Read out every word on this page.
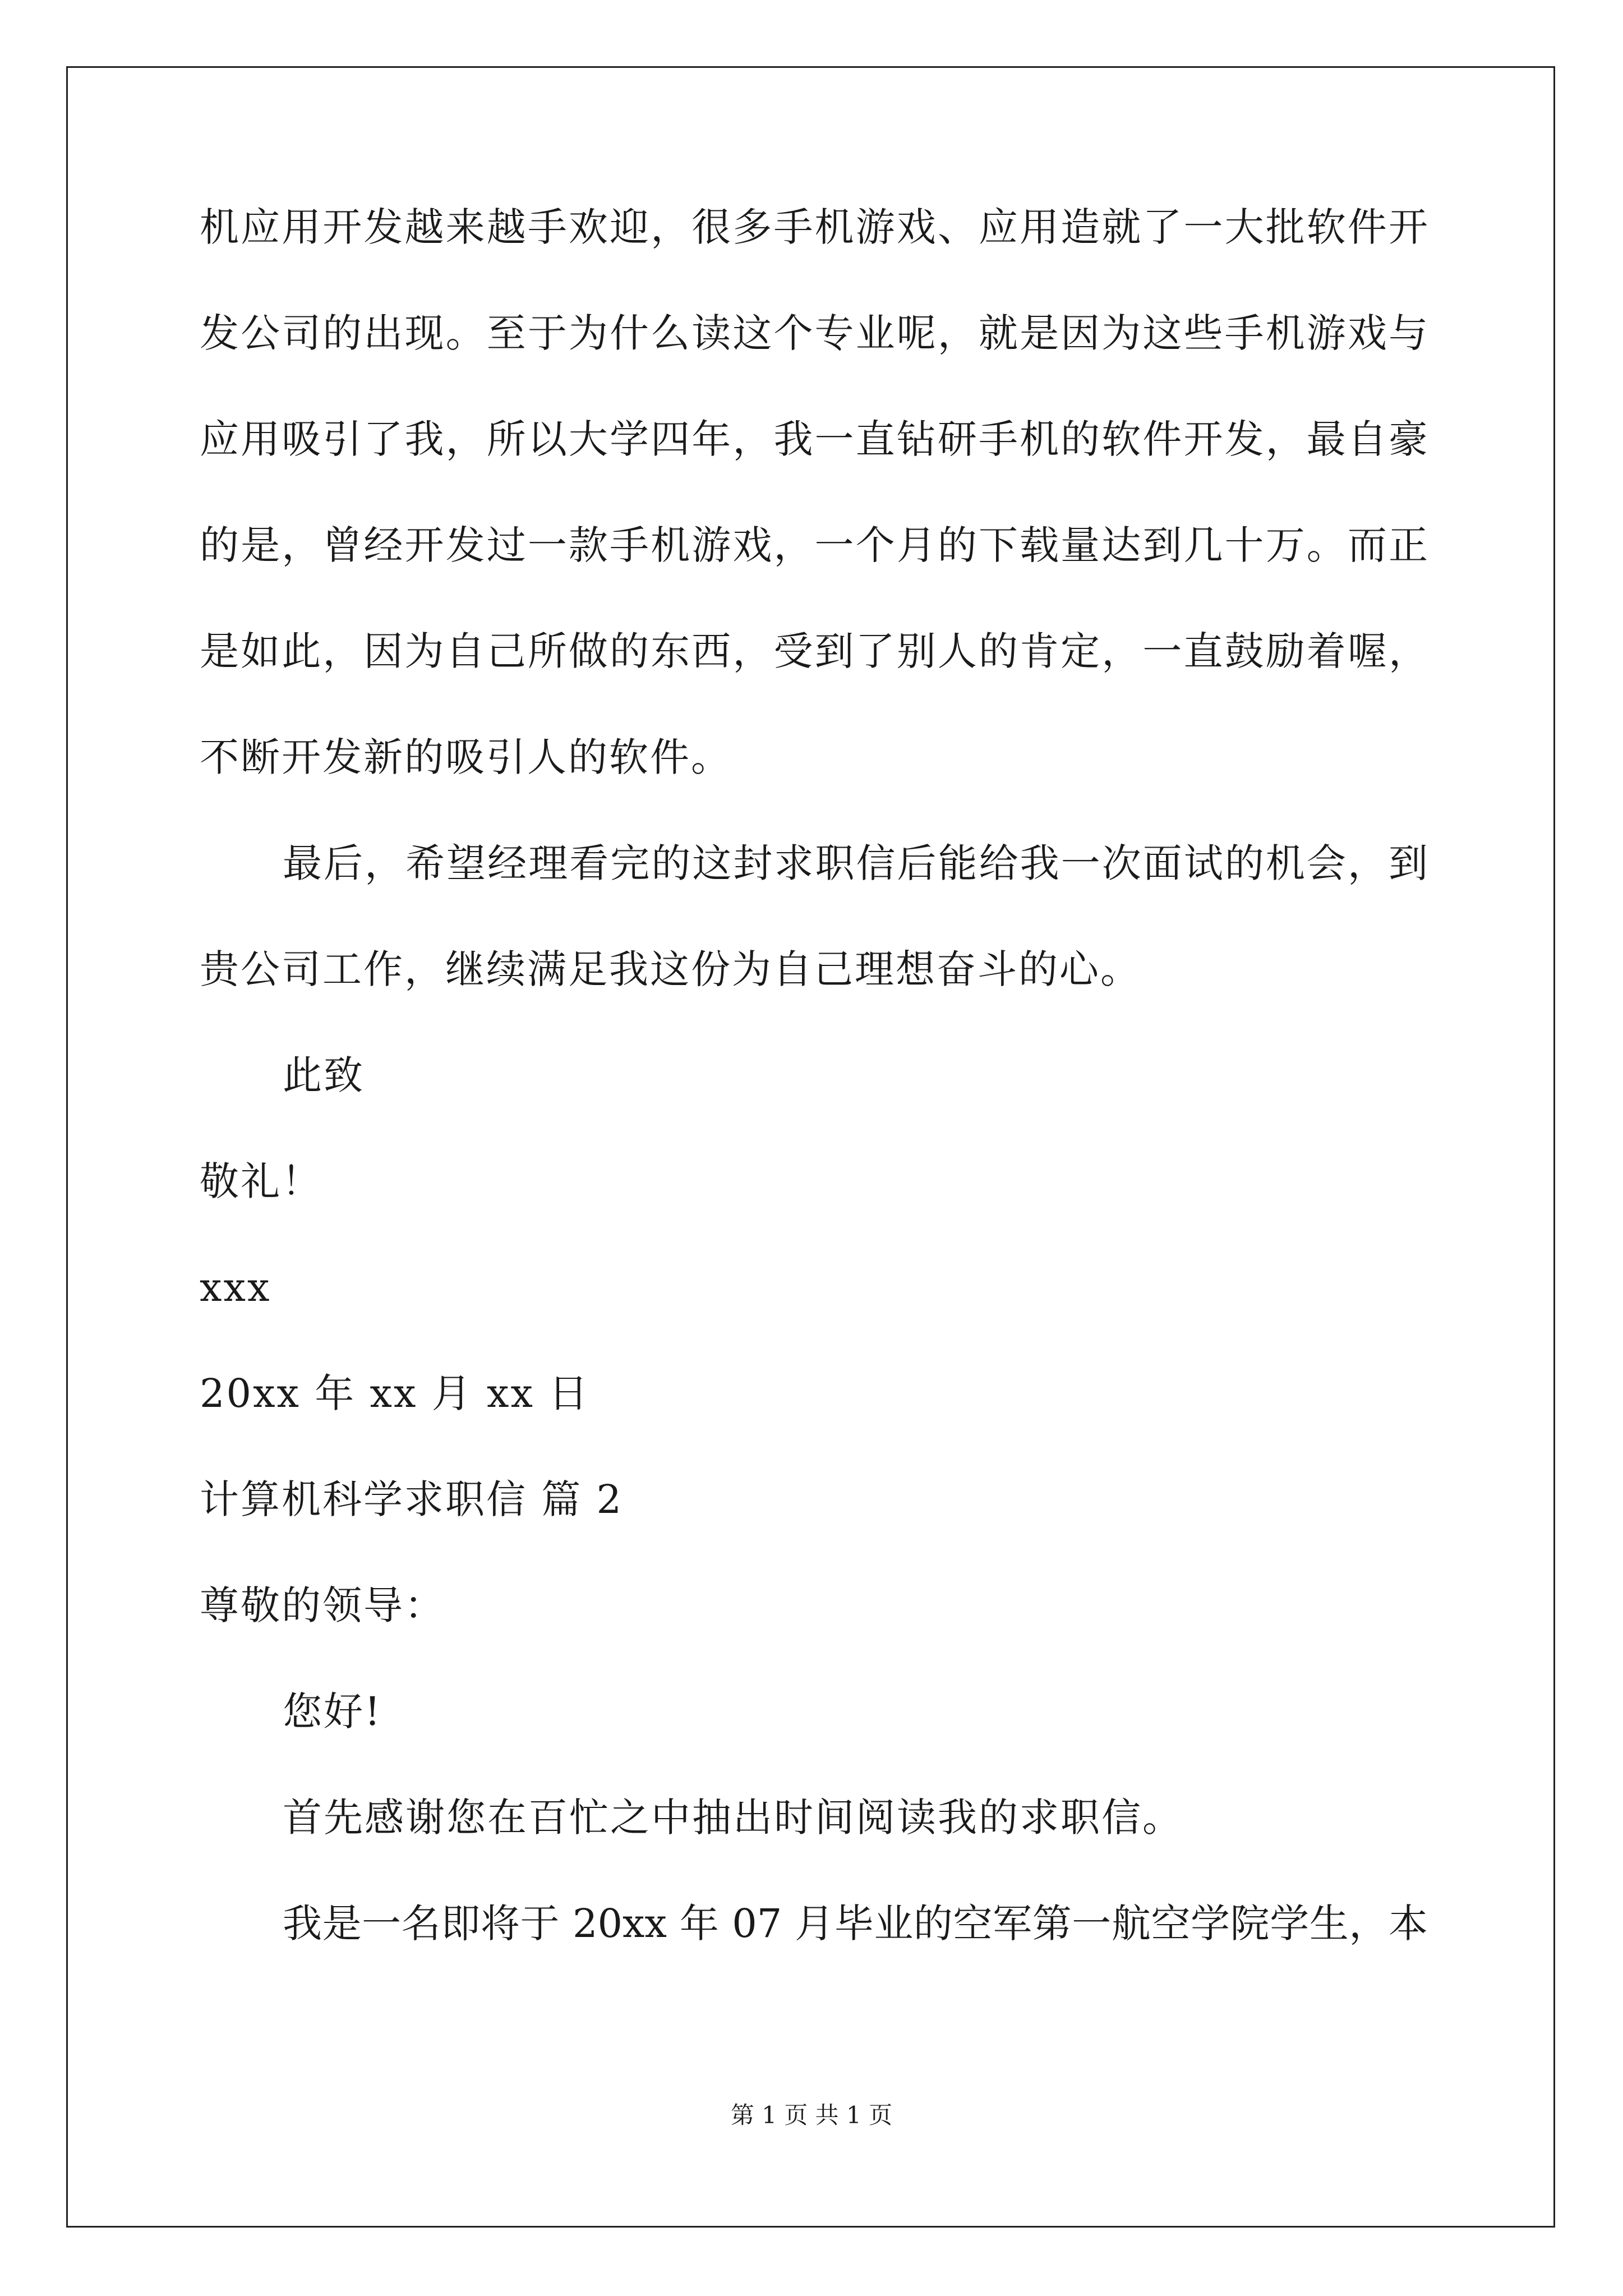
机应用开发越来越手欢迎，很多手机游戏、应用造就了一大批软件开
发公司的出现。至于为什么读这个专业呢，就是因为这些手机游戏与
应用吸引了我，所以大学四年，我一直钻研手机的软件开发，最自豪
的是，曾经开发过一款手机游戏，一个月的下载量达到几十万。而正
是如此，因为自己所做的东西，受到了别人的肯定，一直鼓励着喔，
不断开发新的吸引人的软件。
最后，希望经理看完的这封求职信后能给我一次面试的机会，到
贵公司工作，继续满足我这份为自己理想奋斗的心。
此致
敬礼！
xxx
20xx 年 xx 月 xx 日
计算机科学求职信 篇 2
尊敬的领导：
您好!
首先感谢您在百忙之中抽出时间阅读我的求职信。
我是一名即将于 20xx 年 07 月毕业的空军第一航空学院学生，本
第 1 页 共 1 页
